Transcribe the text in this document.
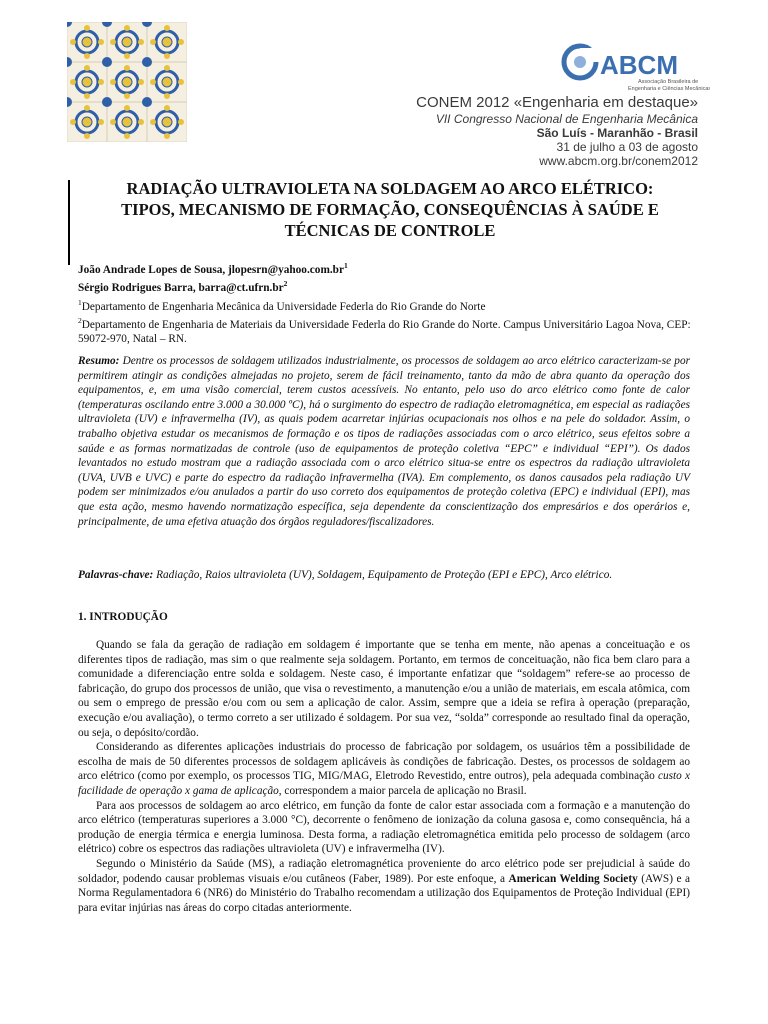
ABCM
Associação Brasileira de
Engenharia e Ciências Mecânicas
CONEM 2012 «Engenharia em destaque»
VII Congresso Nacional de Engenharia Mecânica
São Luís - Maranhão - Brasil
31 de julho a 03 de agosto
www.abcm.org.br/conem2012
RADIAÇÃO ULTRAVIOLETA NA SOLDAGEM AO ARCO ELÉTRICO:
TIPOS, MECANISMO DE FORMAÇÃO, CONSEQUÊNCIAS À SAÚDE E
TÉCNICAS DE CONTROLE
João Andrade Lopes de Sousa, $jlopesrn@yahoo.com.br^1$
Sérgio Rodrigues Barra, $barra@ct.ufrn.br^2$
$^1$Departamento de Engenharia Mecânica da Universidade Federla do Rio Grande do Norte
$^2$Departamento de Engenharia de Materiais da Universidade Federla do Rio Grande do Norte. Campus Universitário Lagoa Nova, CEP: 59072-970, Natal – RN.
Resumo: Dentre os processos de soldagem utilizados industrialmente, os processos de soldagem ao arco elétrico caracterizam-se por permitirem atingir as condições almejadas no projeto, serem de fácil treinamento, tanto da mão de abra quanto da operação dos equipamentos, e, em uma visão comercial, terem custos acessíveis. No entanto, pelo uso do arco elétrico como fonte de calor (temperaturas oscilando entre 3.000 a 30.000 ºC), há o surgimento do espectro de radiação eletromagnética, em especial as radiações ultravioleta (UV) e infravermelha (IV), as quais podem acarretar injúrias ocupacionais nos olhos e na pele do soldador. Assim, o trabalho objetiva estudar os mecanismos de formação e os tipos de radiações associadas com o arco elétrico, seus efeitos sobre a saúde e as formas normatizadas de controle (uso de equipamentos de proteção coletiva “EPC” e individual “EPI”). Os dados levantados no estudo mostram que a radiação associada com o arco elétrico situa-se entre os espectros da radiação ultravioleta (UVA, UVB e UVC) e parte do espectro da radiação infravermelha (IVA). Em complemento, os danos causados pela radiação UV podem ser minimizados e/ou anulados a partir do uso correto dos equipamentos de proteção coletiva (EPC) e individual (EPI), mas que esta ação, mesmo havendo normatização específica, seja dependente da conscientização dos empresários e dos operários e, principalmente, de uma efetiva atuação dos órgãos reguladores/fiscalizadores.
Palavras-chave: Radiação, Raios ultravioleta (UV), Soldagem, Equipamento de Proteção (EPI e EPC), Arco elétrico.
1. INTRODUÇÃO

Quando se fala da geração de radiação em soldagem é importante que se tenha em mente, não apenas a conceituação e os diferentes tipos de radiação, mas sim o que realmente seja soldagem. Portanto, em termos de conceituação, não fica bem claro para a comunidade a diferenciação entre solda e soldagem. Neste caso, é importante enfatizar que “soldagem” refere-se ao processo de fabricação, do grupo dos processos de união, que visa o revestimento, a manutenção e/ou a união de materiais, em escala atômica, com ou sem o emprego de pressão e/ou com ou sem a aplicação de calor. Assim, sempre que a ideia se refira à operação (preparação, execução e/ou avaliação), o termo correto a ser utilizado é soldagem. Por sua vez, “solda” corresponde ao resultado final da operação, ou seja, o depósito/cordão.

Considerando as diferentes aplicações industriais do processo de fabricação por soldagem, os usuários têm a possibilidade de escolha de mais de 50 diferentes processos de soldagem aplicáveis às condições de fabricação. Destes, os processos de soldagem ao arco elétrico (como por exemplo, os processos TIG, MIG/MAG, Eletrodo Revestido, entre outros), pela adequada combinação custo x facilidade de operação x gama de aplicação, correspondem a maior parcela de aplicação no Brasil.

Para aos processos de soldagem ao arco elétrico, em função da fonte de calor estar associada com a formação e a manutenção do arco elétrico (temperaturas superiores a 3.000 °C), decorrente o fenômeno de ionização da coluna gasosa e, como consequência, há a produção de energia térmica e energia luminosa. Desta forma, a radiação eletromagnética emitida pelo processo de soldagem (arco elétrico) cobre os espectros das radiações ultravioleta (UV) e infravermelha (IV).

Segundo o Ministério da Saúde (MS), a radiação eletromagnética proveniente do arco elétrico pode ser prejudicial à saúde do soldador, podendo causar problemas visuais e/ou cutâneos (Faber, 1989). Por este enfoque, a American Welding Society (AWS) e a Norma Regulamentadora 6 (NR6) do Ministério do Trabalho recomendam a utilização dos Equipamentos de Proteção Individual (EPI) para evitar injúrias nas áreas do corpo citadas anteriormente.
